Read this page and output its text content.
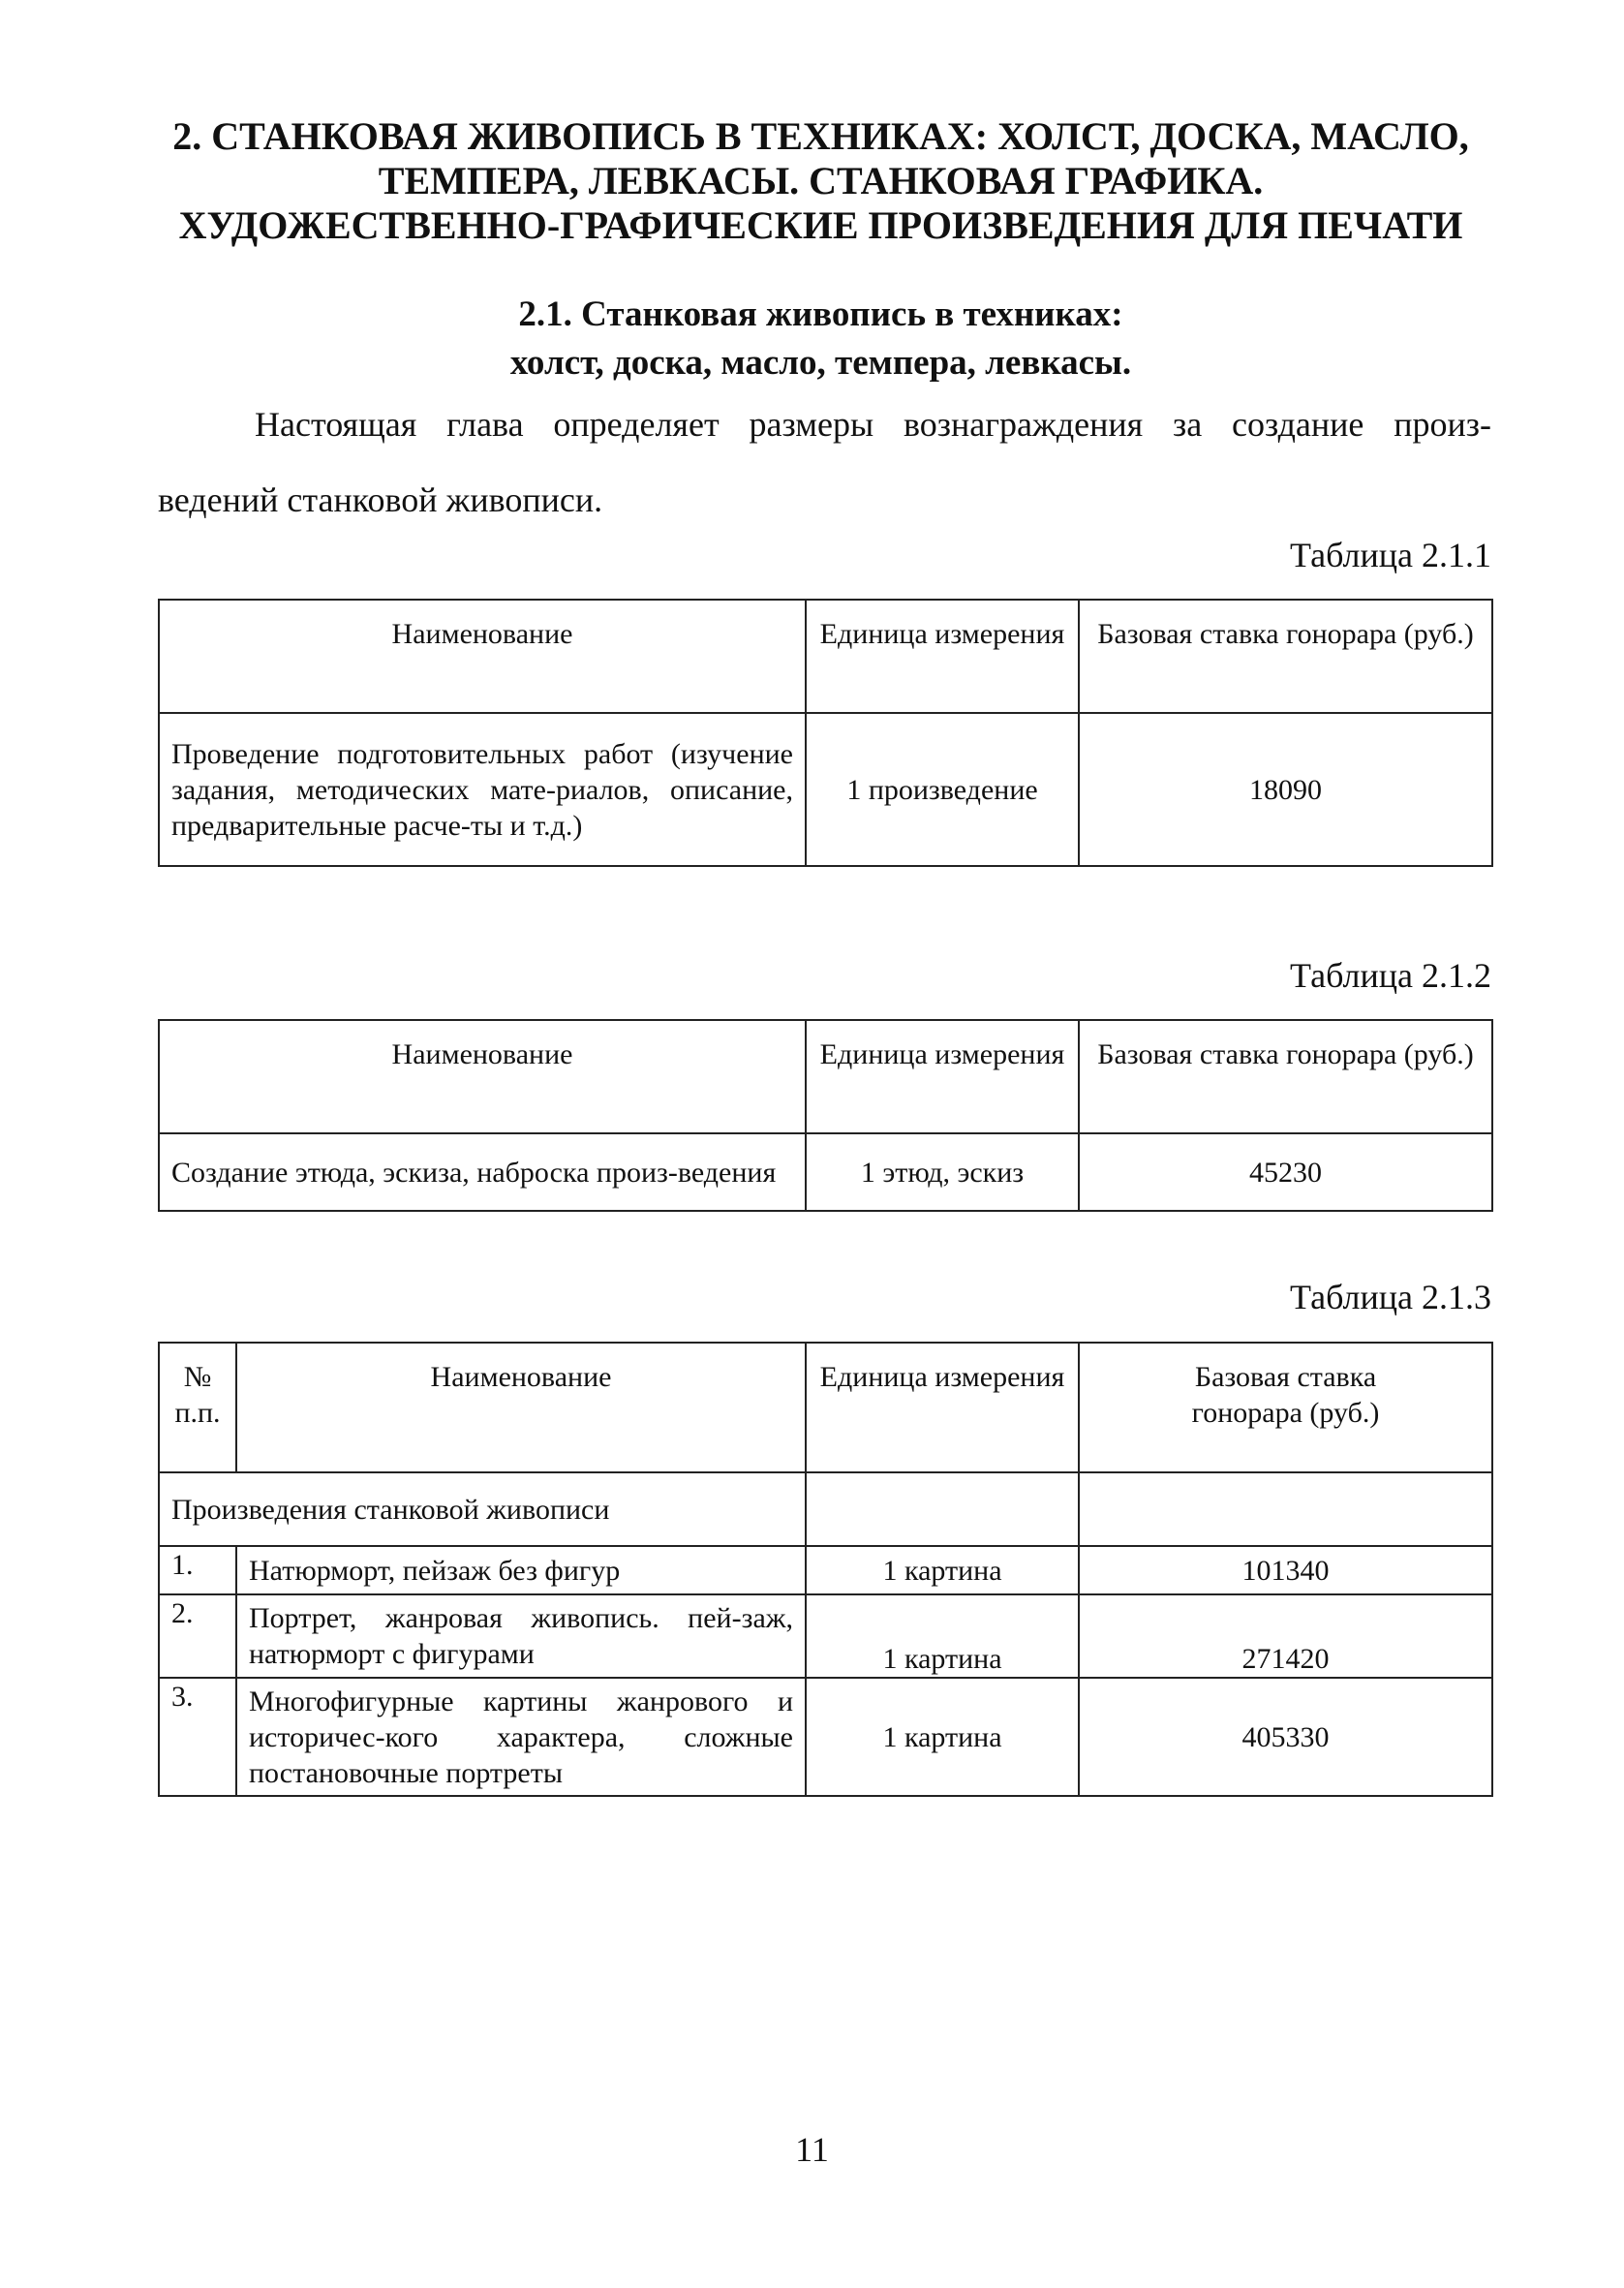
2. СТАНКОВАЯ ЖИВОПИСЬ В ТЕХНИКАХ: ХОЛСТ, ДОСКА, МАСЛО,
ТЕМПЕРА, ЛЕВКАСЫ. СТАНКОВАЯ ГРАФИКА.
ХУДОЖЕСТВЕННО-ГРАФИЧЕСКИЕ ПРОИЗВЕДЕНИЯ ДЛЯ ПЕЧАТИ
2.1. Станковая живопись в техниках:
холст, доска, масло, темпера, левкасы.
Настоящая глава определяет размеры вознаграждения за создание произ-
ведений станковой живописи.
Таблица 2.1.1
Наименование	Единица измерения	Базовая ставка гонорара (руб.)
Проведение подготовительных работ (изучение задания, методических мате-риалов, описание, предварительные расче-ты и т.д.)	1 произведение	18090
Таблица 2.1.2
Наименование	Единица измерения	Базовая ставка гонорара (руб.)
Создание этюда, эскиза, наброска произ-ведения	1 этюд, эскиз	45230
Таблица 2.1.3
№ п.п.	Наименование	Единица измерения	Базовая ставка гонорара (руб.)
Произведения станковой живописи			
1.	Натюрморт, пейзаж без фигур	1 картина	101340
2.	Портрет, жанровая живопись. пей-заж, натюрморт с фигурами	1 картина	271420
3.	Многофигурные картины жанрового и историчес-кого характера, сложные постановочные портреты	1 картина	405330
11
